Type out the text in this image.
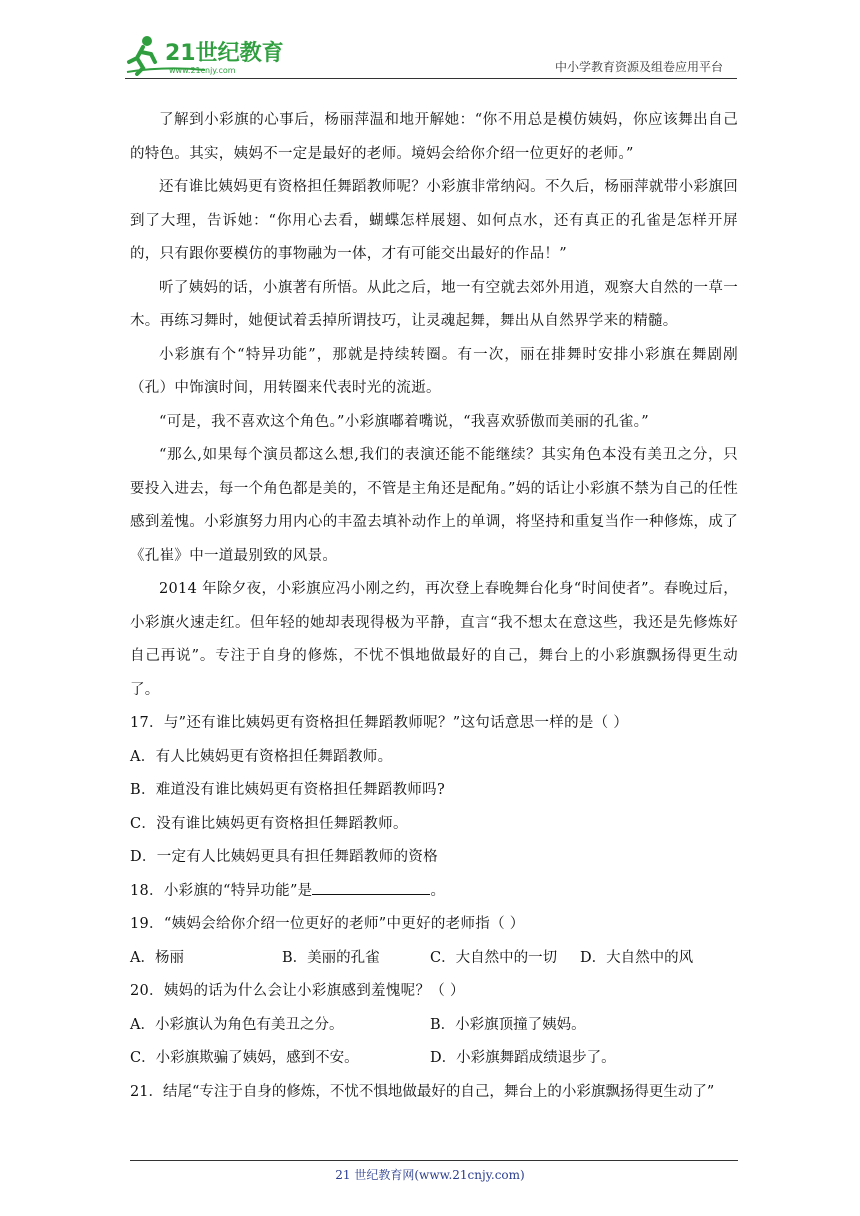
21世纪教育
www.21cnjy.com	中小学教育资源及组卷应用平台

了解到小彩旗的心事后，杨丽萍温和地开解她：“你不用总是模仿姨妈，你应该舞出自己的特色。其实，姨妈不一定是最好的老师。境妈会给你介绍一位更好的老师。”

还有谁比姨妈更有资格担任舞蹈教师呢？小彩旗非常纳闷。不久后，杨丽萍就带小彩旗回到了大理，告诉她：“你用心去看，蝴蝶怎样展翅、如何点水，还有真正的孔雀是怎样开屏的，只有跟你要模仿的事物融为一体，才有可能交出最好的作品！”

听了姨妈的话，小旗著有所悟。从此之后，地一有空就去郊外用逍，观察大自然的一草一木。再练习舞时，她便试着丢掉所谓技巧，让灵魂起舞，舞出从自然界学来的精髓。

小彩旗有个“特异功能”，那就是持续转圈。有一次，丽在排舞时安排小彩旗在舞剧剐（孔）中饰演时间，用转圈来代表时光的流逝。

“可是，我不喜欢这个角色。”小彩旗嘟着嘴说，“我喜欢骄傲而美丽的孔雀。”

“那么,如果每个演员都这么想,我们的表演还能不能继续？其实角色本没有美丑之分，只要投入进去，每一个角色都是美的，不管是主角还是配角。”妈的话让小彩旗不禁为自己的任性感到羞愧。小彩旗努力用内心的丰盈去填补动作上的单调，将坚持和重复当作一种修炼，成了《孔崔》中一道最别致的风景。

2014 年除夕夜，小彩旗应冯小刚之约，再次登上春晚舞台化身“时间使者”。春晚过后，小彩旗火速走红。但年轻的她却表现得极为平静，直言“我不想太在意这些，我还是先修炼好自己再说”。专注于自身的修炼，不忧不惧地做最好的自己，舞台上的小彩旗飘扬得更生动了。

17．与”还有谁比姨妈更有资格担任舞蹈教师呢？”这句话意思一样的是（ ）

A．有人比姨妈更有资格担任舞蹈教师。

B．难道没有谁比姨妈更有资格担任舞蹈教师吗?

C．没有谁比姨妈更有资格担任舞蹈教师。

D．一定有人比姨妈更具有担任舞蹈教师的资格

18．小彩旗的“特异功能”是	。

19．“姨妈会给你介绍一位更好的老师”中更好的老师指（ ）

A．杨丽	B．美丽的孔雀	C．大自然中的一切	D．大自然中的风

20．姨妈的话为什么会让小彩旗感到羞愧呢？（ ）

A．小彩旗认为角色有美丑之分。	B．小彩旗顶撞了姨妈。
C．小彩旗欺骗了姨妈，感到不安。	D．小彩旗舞蹈成绩退步了。

21．结尾“专注于自身的修炼，不忧不惧地做最好的自己，舞台上的小彩旗飘扬得更生动了”

21 世纪教育网(www.21cnjy.com)
